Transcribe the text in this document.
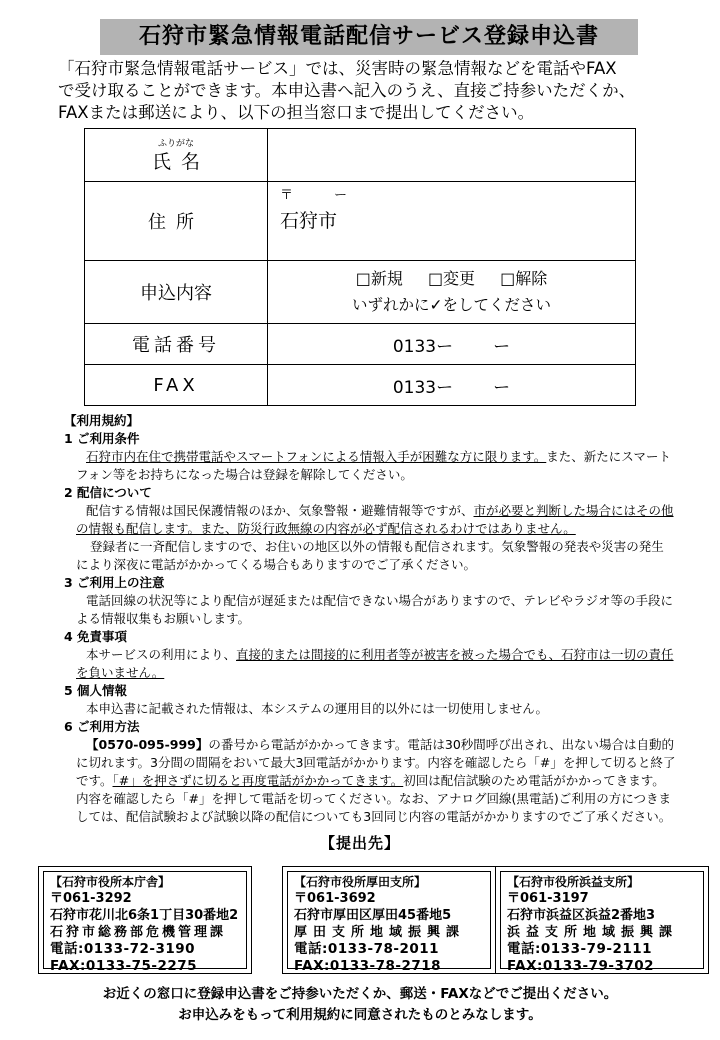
石狩市緊急情報電話配信サービス登録申込書
「石狩市緊急情報電話サービス」では、災害時の緊急情報などを電話やFAX
で受け取ることができます。本申込書へ記入のうえ、直接ご持参いただくか、
FAXまたは郵送により、以下の担当窓口まで提出してください。
ふりがな
氏名	

住所	〒 ー
石狩市

申込内容	□新規 □変更 □解除
いずれかに✓をしてください

電話番号	0133ー ー
FAX	0133ー ー
【利用規約】
1 ご利用条件
石狩市内在住で携帯電話やスマートフォンによる情報入手が困難な方に限ります。また、新たにスマートフォン等をお持ちになった場合は登録を解除してください。
2 配信について
配信する情報は国民保護情報のほか、気象警報・避難情報等ですが、市が必要と判断した場合にはその他の情報も配信します。また、防災行政無線の内容が必ず配信されるわけではありません。
登録者に一斉配信しますので、お住いの地区以外の情報も配信されます。気象警報の発表や災害の発生により深夜に電話がかかってくる場合もありますのでご了承ください。
3 ご利用上の注意
電話回線の状況等により配信が遅延または配信できない場合がありますので、テレビやラジオ等の手段による情報収集もお願いします。
4 免責事項
本サービスの利用により、直接的または間接的に利用者等が被害を被った場合でも、石狩市は一切の責任を負いません。
5 個人情報
本申込書に記載された情報は、本システムの運用目的以外には一切使用しません。
6 ご利用方法
【0570-095-999】の番号から電話がかかってきます。電話は30秒間呼び出され、出ない場合は自動的に切れます。3分間の間隔をおいて最大3回電話がかかります。内容を確認したら「#」を押して切ると終了です。「#」を押さずに切ると再度電話がかかってきます。初回は配信試験のため電話がかかってきます。内容を確認したら「#」を押して電話を切ってください。なお、アナログ回線(黒電話)ご利用の方につきましては、配信試験および試験以降の配信についても3回同じ内容の電話がかかりますのでご了承ください。
【提出先】
【石狩市役所本庁舎】
〒061-3292
石狩市花川北6条1丁目30番地2
石狩市総務部危機管理課
電話:0133-72-3190
FAX:0133-75-2275
【石狩市役所厚田支所】
〒061-3692
石狩市厚田区厚田45番地5
厚田支所地域振興課
電話:0133-78-2011
FAX:0133-78-2718
【石狩市役所浜益支所】
〒061-3197
石狩市浜益区浜益2番地3
浜益支所地域振興課
電話:0133-79-2111
FAX:0133-79-3702
お近くの窓口に登録申込書をご持参いただくか、郵送・FAXなどでご提出ください。
お申込みをもって利用規約に同意されたものとみなします。
